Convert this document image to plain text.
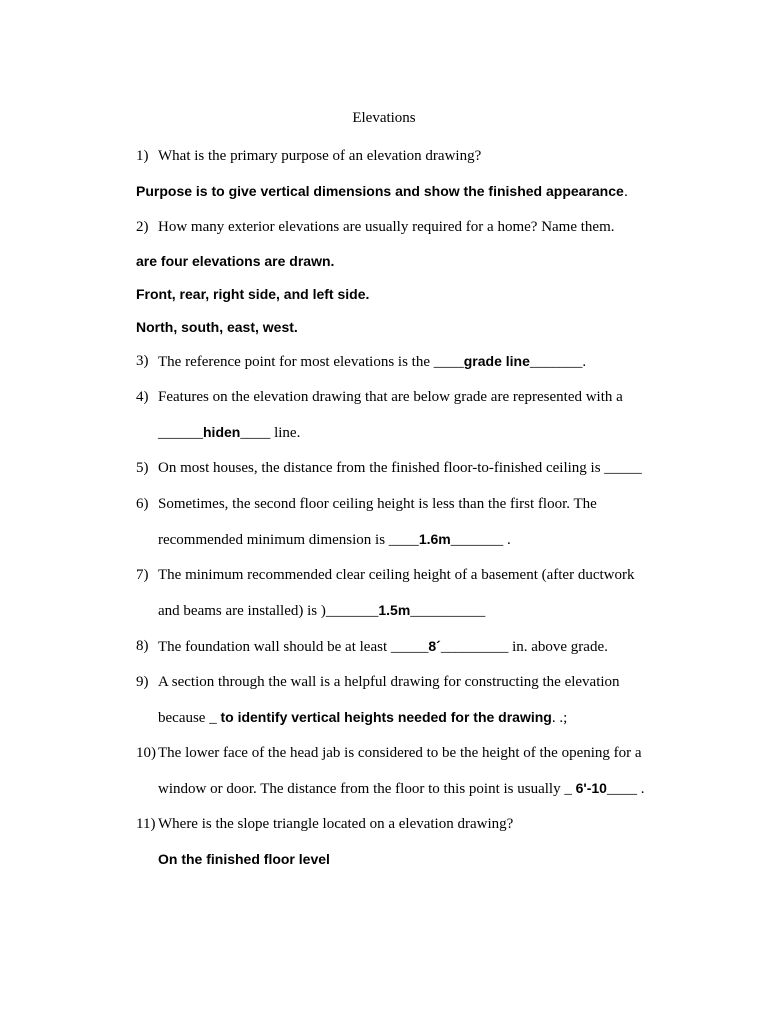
Elevations
1) What is the primary purpose of an elevation drawing?
Purpose is to give vertical dimensions and show the finished appearance.
2) How many exterior elevations are usually required for a home? Name them.
are four elevations are drawn.
Front, rear, right side, and left side.
North, south, east, west.
3) The reference point for most elevations is the ____grade line_______.
4) Features on the elevation drawing that are below grade are represented with a
______hiden____ line.
5) On most houses, the distance from the finished floor-to-finished ceiling is _____
6) Sometimes, the second floor ceiling height is less than the first floor. The
recommended minimum dimension is ____1.6m_______ .
7) The minimum recommended clear ceiling height of a basement (after ductwork
and beams are installed) is )_______1.5m__________
8) The foundation wall should be at least _____8´_________ in. above grade.
9) A section through the wall is a helpful drawing for constructing the elevation
because _ to identify vertical heights needed for the drawing. .;
10) The lower face of the head jab is considered to be the height of the opening for a
window or door. The distance from the floor to this point is usually _ 6'-10____ .
11) Where is the slope triangle located on a elevation drawing?
On the finished floor level
